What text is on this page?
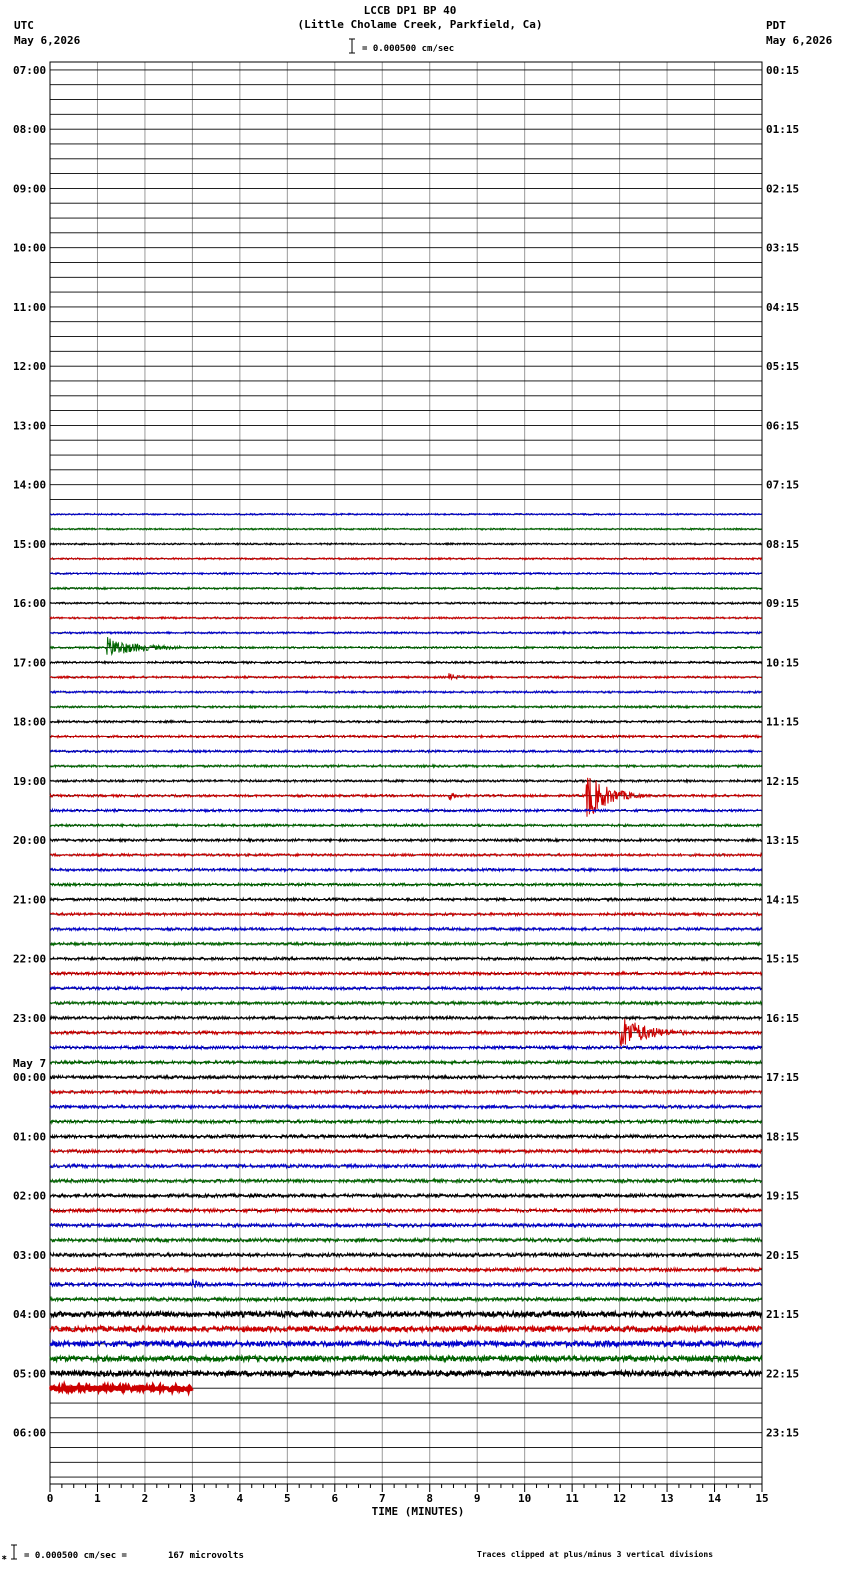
LCCB DP1 BP 40
(Little Cholame Creek, Parkfield, Ca)
= 0.000500 cm/sec
UTC
May 6,2026
PDT
May 6,2026
07:00
08:00
09:00
10:00
11:00
12:00
13:00
14:00
15:00
16:00
17:00
18:00
19:00
20:00
21:00
22:00
23:00
00:00
01:00
02:00
03:00
04:00
05:00
06:00
00:15
01:15
02:15
03:15
04:15
05:15
06:15
07:15
08:15
09:15
10:15
11:15
12:15
13:15
14:15
15:15
16:15
17:15
18:15
19:15
20:15
21:15
22:15
23:15
May 7
0	1	2	3	4	5	6	7	8	9	10	11	12	13	14	15
TIME (MINUTES)
⁎ = 0.000500 cm/sec =	167 microvolts	Traces clipped at plus/minus 3 vertical divisions
